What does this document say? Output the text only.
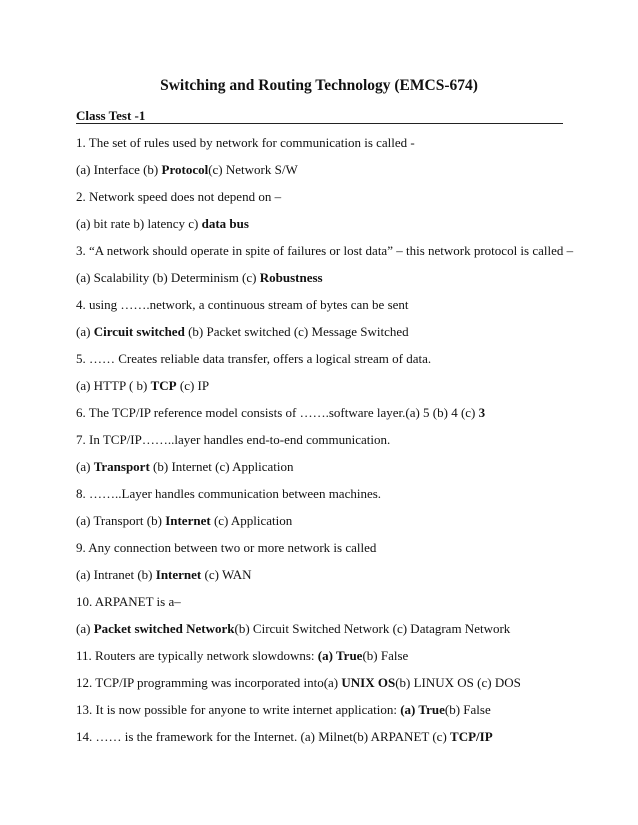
Switching and Routing Technology (EMCS-674)
Class Test -1
1. The set of rules used by network for communication is called -
(a) Interface (b) Protocol(c) Network S/W
2. Network speed does not depend on –
(a) bit rate b) latency c) data bus
3. “A network should operate in spite of failures or lost data” – this network protocol is called –
(a) Scalability (b) Determinism (c) Robustness
4. using …….network, a continuous stream of bytes can be sent
(a) Circuit switched (b) Packet switched (c) Message Switched
5. …… Creates reliable data transfer, offers a logical stream of data.
(a) HTTP ( b) TCP (c) IP
6. The TCP/IP reference model consists of …….software layer.(a) 5 (b) 4 (c) 3
7. In TCP/IP……..layer handles end-to-end communication.
(a) Transport (b) Internet (c) Application
8. ……..Layer handles communication between machines.
(a) Transport (b) Internet (c) Application
9. Any connection between two or more network is called
(a) Intranet (b) Internet (c) WAN
10. ARPANET is a–
(a) Packet switched Network(b) Circuit Switched Network (c) Datagram Network
11. Routers are typically network slowdowns: (a) True(b) False
12. TCP/IP programming was incorporated into(a) UNIX OS(b) LINUX OS (c) DOS
13. It is now possible for anyone to write internet application: (a) True(b) False
14. …… is the framework for the Internet. (a) Milnet(b) ARPANET (c) TCP/IP
